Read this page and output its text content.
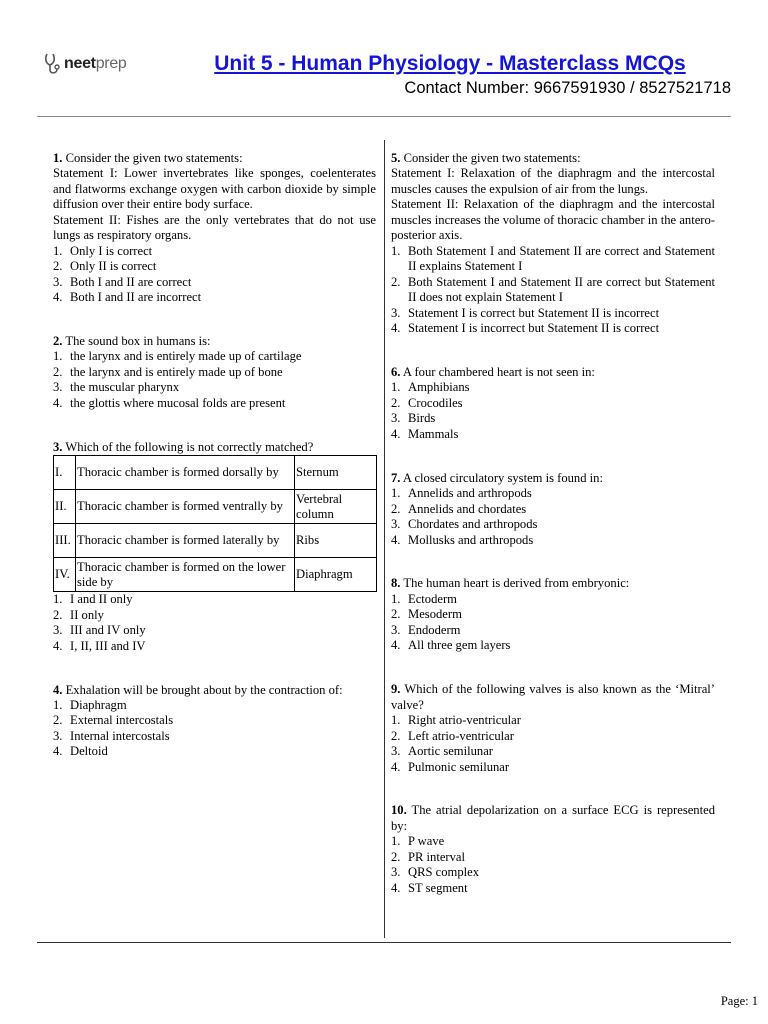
neetprep	Unit 5 - Human Physiology - Masterclass MCQs
Contact Number: 9667591930 / 8527521718

1. Consider the given two statements:

Statement I: Lower invertebrates like sponges, coelenterates and flatworms exchange oxygen with carbon dioxide by simple diffusion over their entire body surface.

Statement II: Fishes are the only vertebrates that do not use lungs as respiratory organs.

1. Only I is correct
2. Only II is correct
3. Both I and II are correct
4. Both I and II are incorrect

2. The sound box in humans is:

1. the larynx and is entirely made up of cartilage
2. the larynx and is entirely made up of bone
3. the muscular pharynx
4. the glottis where mucosal folds are present

3. Which of the following is not correctly matched?

I.	Thoracic chamber is formed dorsally by	Sternum
II.	Thoracic chamber is formed ventrally by	Vertebral column
III.	Thoracic chamber is formed laterally by	Ribs
IV.	Thoracic chamber is formed on the lower side by	Diaphragm
1. I and II only
2. II only
3. III and IV only
4. I, II, III and IV

4. Exhalation will be brought about by the contraction of:

1. Diaphragm
2. External intercostals
3. Internal intercostals
4. Deltoid

5. Consider the given two statements:

Statement I: Relaxation of the diaphragm and the intercostal muscles causes the expulsion of air from the lungs.

Statement II: Relaxation of the diaphragm and the intercostal muscles increases the volume of thoracic chamber in the antero-posterior axis.

1. Both Statement I and Statement II are correct and Statement II explains Statement I
2. Both Statement I and Statement II are correct but Statement II does not explain Statement I
3. Statement I is correct but Statement II is incorrect
4. Statement I is incorrect but Statement II is correct

6. A four chambered heart is not seen in:

1. Amphibians
2. Crocodiles
3. Birds
4. Mammals

7. A closed circulatory system is found in:

1. Annelids and arthropods
2. Annelids and chordates
3. Chordates and arthropods
4. Mollusks and arthropods

8. The human heart is derived from embryonic:

1. Ectoderm
2. Mesoderm
3. Endoderm
4. All three gem layers

9. Which of the following valves is also known as the ‘Mitral’ valve?

1. Right atrio-ventricular
2. Left atrio-ventricular
3. Aortic semilunar
4. Pulmonic semilunar

10. The atrial depolarization on a surface ECG is represented by:

1. P wave
2. PR interval
3. QRS complex
4. ST segment
Page: 1
